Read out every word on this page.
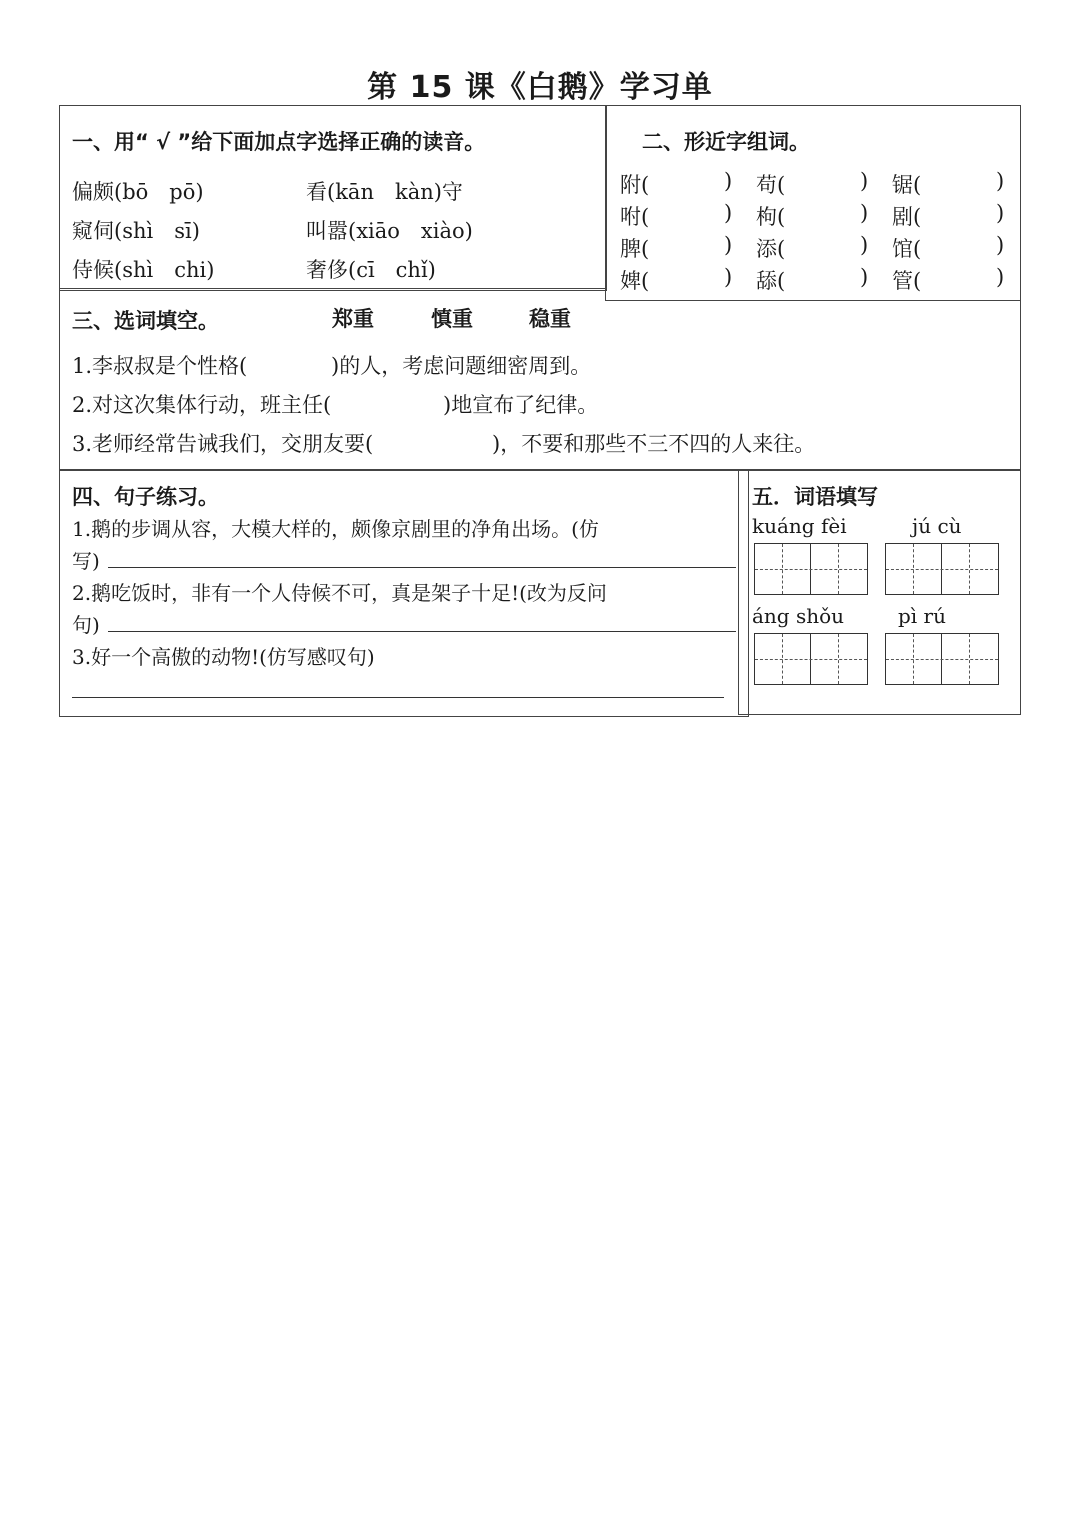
第 15 课《白鹅》学习单
一、用“ √ ”给下面加点字选择正确的读音。
偏颇(bō　pō)	看(kān　kàn)守
窥伺(shì　sī)	叫嚣(xiāo　xiào)
侍候(shì　chi)	奢侈(cī　chǐ)
二、形近字组词。
附(	) 苟(	) 锯(	)
咐(	) 枸(	) 剧(	)
脾(	) 添(	) 馆(	)
婢(	) 舔(	) 管(	)
三、选词填空。	郑重	慎重	稳重
1.李叔叔是个性格(	)的人，考虑问题细密周到。
2.对这次集体行动，班主任(	)地宣布了纪律。
3.老师经常告诫我们，交朋友要(	)，不要和那些不三不四的人来往。
四、句子练习。
1.鹅的步调从容，大模大样的，颇像京剧里的净角出场。(仿
写)
2.鹅吃饭时，非有一个人侍候不可，真是架子十足!(改为反问
句)
3.好一个高傲的动物!(仿写感叹句)
五．词语填写
kuáng fèi	jú cù
áng shǒu	pì rú
